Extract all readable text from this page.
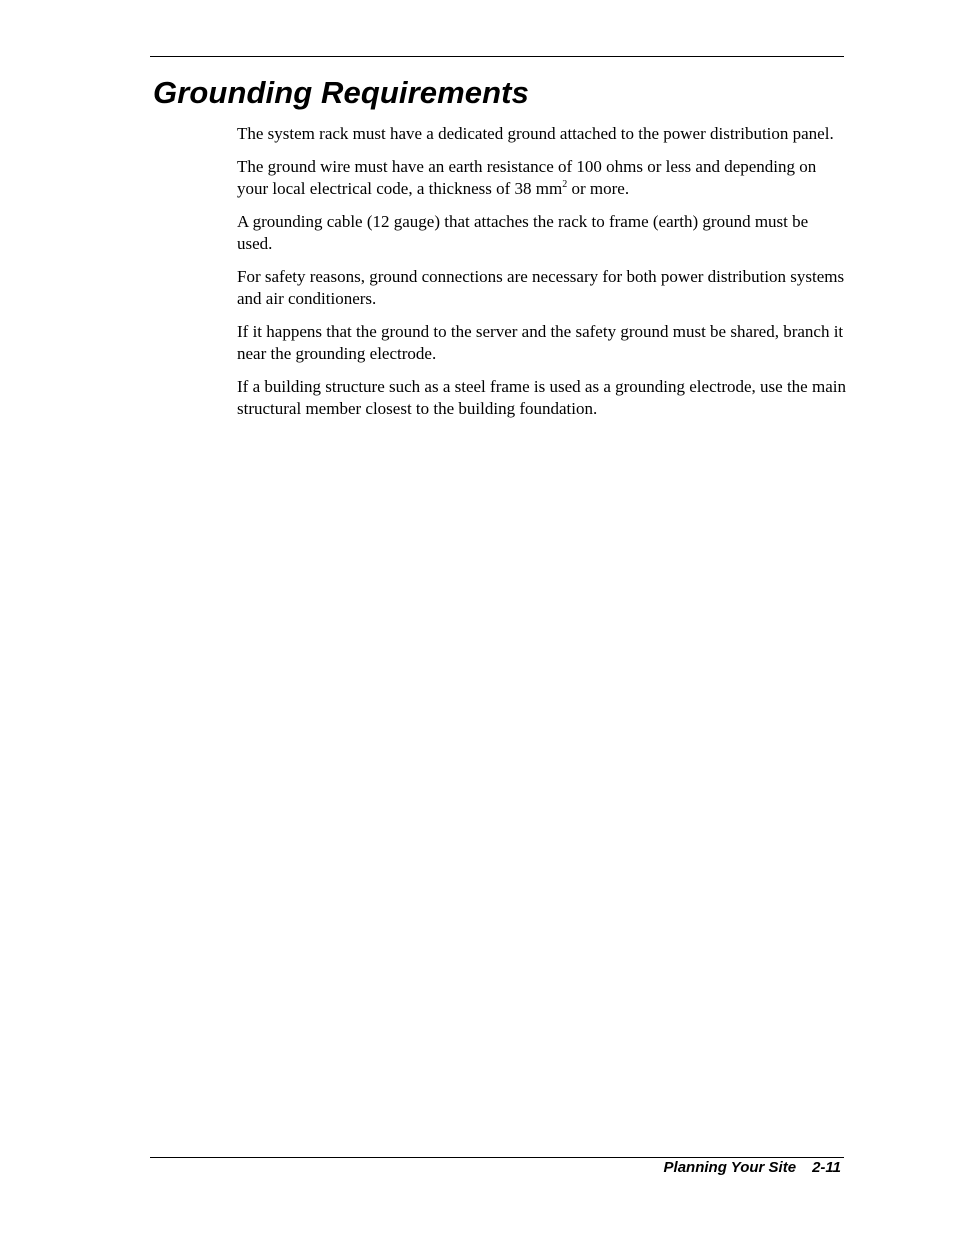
Grounding Requirements

The system rack must have a dedicated ground attached to the power distribution panel.

The ground wire must have an earth resistance of 100 ohms or less and depending on your local electrical code, a thickness of 38 $mm^2$ or more.

A grounding cable (12 gauge) that attaches the rack to frame (earth) ground must be used.

For safety reasons, ground connections are necessary for both power distribution systems and air conditioners.

If it happens that the ground to the server and the safety ground must be shared, branch it near the grounding electrode.

If a building structure such as a steel frame is used as a grounding electrode, use the main structural member closest to the building foundation.

Planning Your Site 2-11
